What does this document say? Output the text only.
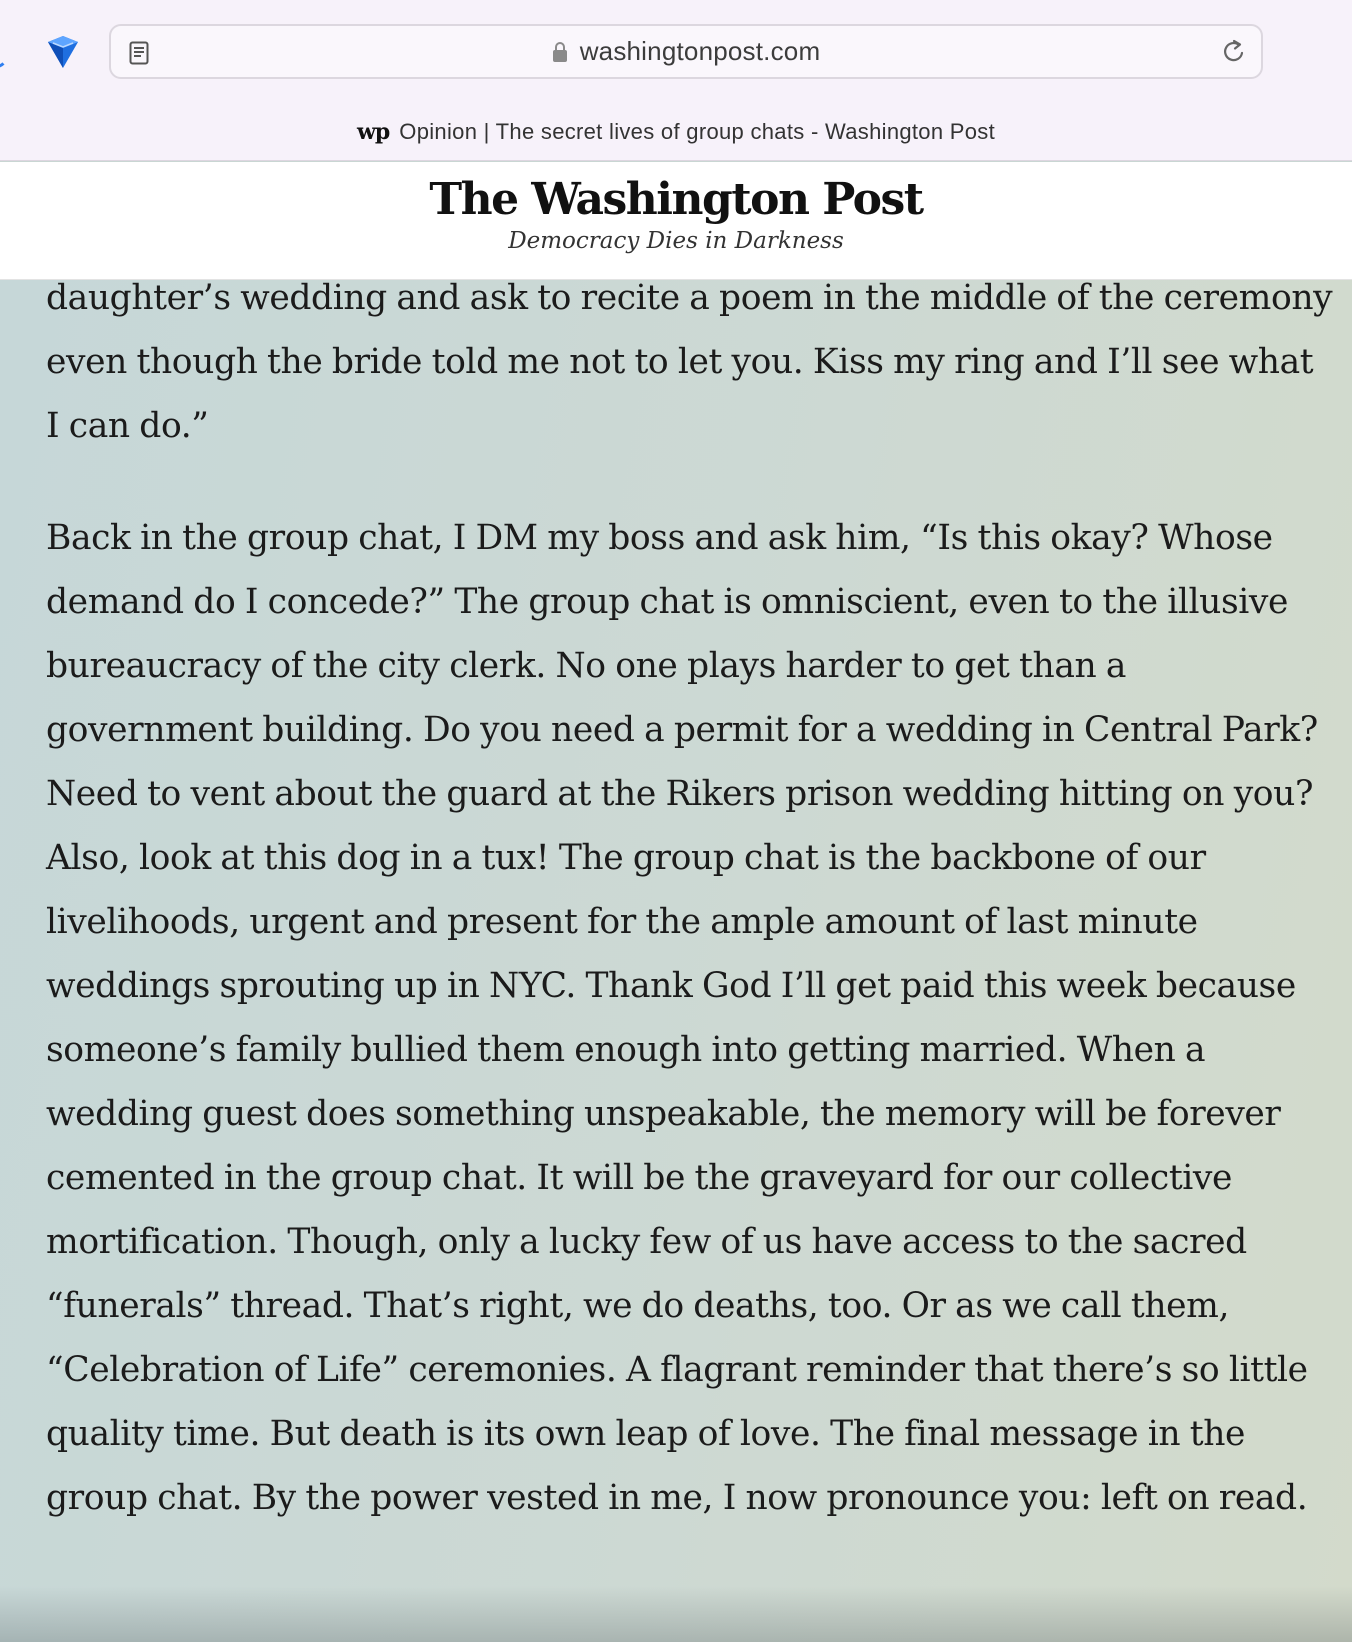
washingtonpost.com
wp Opinion | The secret lives of group chats - Washington Post
The Washington Post
Democracy Dies in Darkness

daughter’s wedding and ask to recite a poem in the middle of the ceremony even though the bride told me not to let you. Kiss my ring and I’ll see what I can do.”

Back in the group chat, I DM my boss and ask him, “Is this okay? Whose demand do I concede?” The group chat is omniscient, even to the illusive bureaucracy of the city clerk. No one plays harder to get than a government building. Do you need a permit for a wedding in Central Park? Need to vent about the guard at the Rikers prison wedding hitting on you? Also, look at this dog in a tux! The group chat is the backbone of our livelihoods, urgent and present for the ample amount of last minute weddings sprouting up in NYC. Thank God I’ll get paid this week because someone’s family bullied them enough into getting married. When a wedding guest does something unspeakable, the memory will be forever cemented in the group chat. It will be the graveyard for our collective mortification. Though, only a lucky few of us have access to the sacred “funerals” thread. That’s right, we do deaths, too. Or as we call them, “Celebration of Life” ceremonies. A flagrant reminder that there’s so little quality time. But death is its own leap of love. The final message in the group chat. By the power vested in me, I now pronounce you: left on read.
